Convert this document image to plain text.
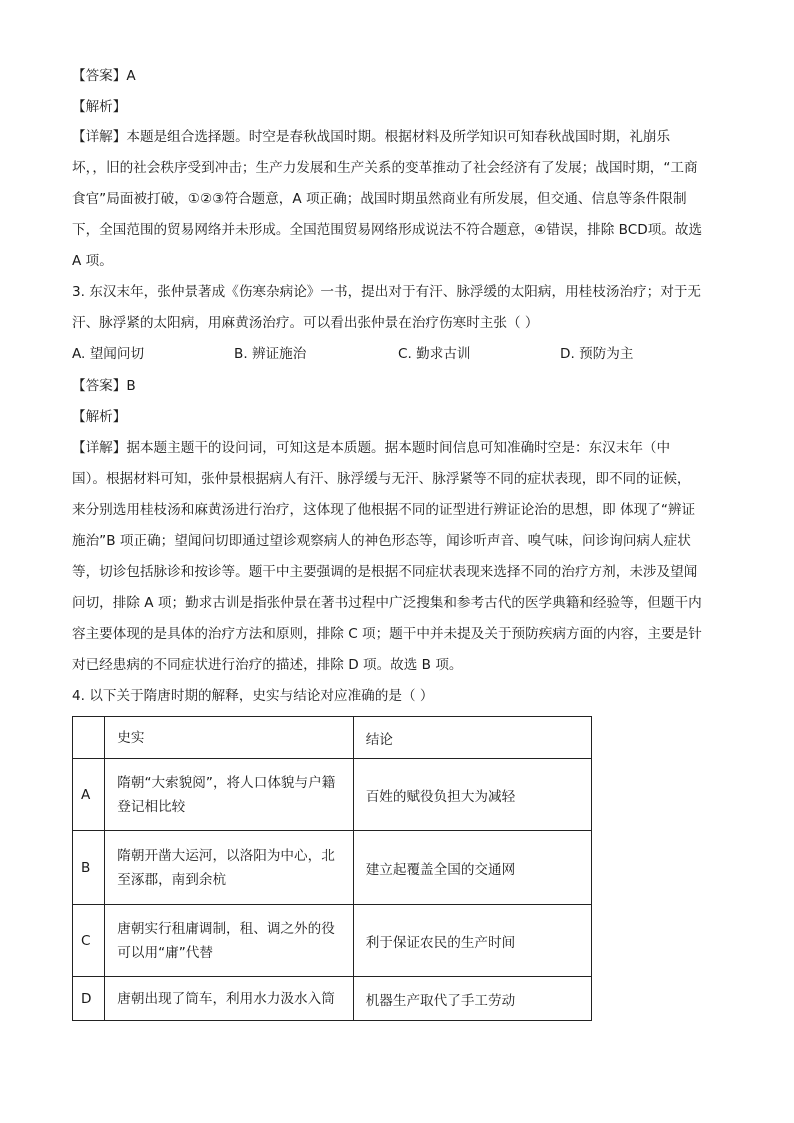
【答案】A
【解析】
【详解】本题是组合选择题。时空是春秋战国时期。根据材料及所学知识可知春秋战国时期，礼崩乐
坏，，旧的社会秩序受到冲击；生产力发展和生产关系的变革推动了社会经济有了发展；战国时期，“工商
食官”局面被打破，①②③符合题意，A 项正确；战国时期虽然商业有所发展，但交通、信息等条件限制
下，全国范围的贸易网络并未形成。全国范围贸易网络形成说法不符合题意，④错误，排除 BCD项。故选
A 项。
3. 东汉末年，张仲景著成《伤寒杂病论》一书，提出对于有汗、脉浮缓的太阳病，用桂枝汤治疗；对于无
汗、脉浮紧的太阳病，用麻黄汤治疗。可以看出张仲景在治疗伤寒时主张（ ）
A. 望闻问切	B. 辨证施治	C. 勤求古训	D. 预防为主
【答案】B
【解析】
【详解】据本题主题干的设问词，可知这是本质题。据本题时间信息可知准确时空是：东汉末年（中
国）。根据材料可知，张仲景根据病人有汗、脉浮缓与无汗、脉浮紧等不同的症状表现，即不同的证候，
来分别选用桂枝汤和麻黄汤进行治疗，这体现了他根据不同的证型进行辨证论治的思想，即 体现了“辨证
施治”B 项正确；望闻问切即通过望诊观察病人的神色形态等，闻诊听声音、嗅气味，问诊询问病人症状
等，切诊包括脉诊和按诊等。题干中主要强调的是根据不同症状表现来选择不同的治疗方剂，未涉及望闻
问切，排除 A 项；勤求古训是指张仲景在著书过程中广泛搜集和参考古代的医学典籍和经验等，但题干内
容主要体现的是具体的治疗方法和原则，排除 C 项；题干中并未提及关于预防疾病方面的内容，主要是针
对已经患病的不同症状进行治疗的描述，排除 D 项。故选 B 项。
4. 以下关于隋唐时期的解释，史实与结论对应准确的是（ ）
	史实	结论
A	隋朝“大索貌阅”，将人口体貌与户籍
登记相比较	百姓的赋役负担大为减轻
B	隋朝开凿大运河，以洛阳为中心，北
至涿郡，南到余杭	建立起覆盖全国的交通网
C	唐朝实行租庸调制，租、调之外的役
可以用“庸”代替	利于保证农民的生产时间
D	唐朝出现了筒车，利用水力汲水入筒	机器生产取代了手工劳动
